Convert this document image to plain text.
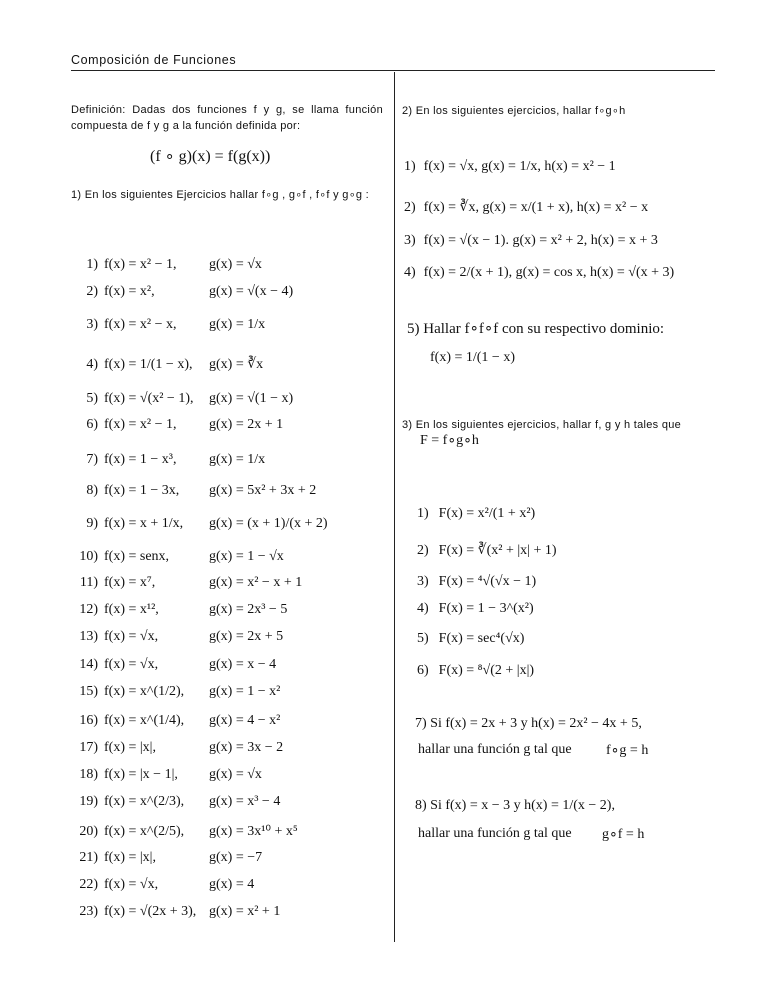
Composición de Funciones
Definición: Dadas dos funciones f y g, se llama función compuesta de f y g a la función definida por:
(f ∘ g)(x) = f(g(x))
1) En los siguientes Ejercicios hallar f∘g , g∘f , f∘f y g∘g :
1) f(x) = x² − 1, g(x) = √x
2) f(x) = x²,	g(x) = √(x − 4)
3) f(x) = x² − x, g(x) = 1/x
4) f(x) = 1/(1 − x), g(x) = ∛x
5) f(x) = √(x² − 1), g(x) = √(1 − x)
6) f(x) = x² − 1, g(x) = 2x + 1
7) f(x) = 1 − x³, g(x) = 1/x
8) f(x) = 1 − 3x, g(x) = 5x² + 3x + 2
9) f(x) = x + 1/x, g(x) = (x + 1)/(x + 2)
10) f(x) = senx,	g(x) = 1 − √x
11) f(x) = x⁷,	g(x) = x² − x + 1
12) f(x) = x¹²,	g(x) = 2x³ − 5
13) f(x) = √x,	g(x) = 2x + 5
14) f(x) = √x,	g(x) = x − 4
15) f(x) = x^(1/2), g(x) = 1 − x²
16) f(x) = x^(1/4), g(x) = 4 − x²
17) f(x) = |x|,	g(x) = 3x − 2
18) f(x) = |x − 1|, g(x) = √x
19) f(x) = x^(2/3), g(x) = x³ − 4
20) f(x) = x^(2/5), g(x) = 3x¹⁰ + x⁵
21) f(x) = |x|,	g(x) = −7
22) f(x) = √x,	g(x) = 4
23) f(x) = √(2x + 3), g(x) = x² + 1
2) En los siguientes ejercicios, hallar f∘g∘h
1) f(x) = √x, g(x) = 1/x, h(x) = x² − 1
2) f(x) = ∛x, g(x) = x/(1 + x), h(x) = x² − x
3) f(x) = √(x − 1). g(x) = x² + 2, h(x) = x + 3
4) f(x) = 2/(x + 1), g(x) = cos x, h(x) = √(x + 3)
5) Hallar f∘f∘f con su respectivo dominio:
f(x) = 1/(1 − x)
3) En los siguientes ejercicios, hallar f, g y h tales que
F = f∘g∘h
1) F(x) = x²/(1 + x²)
2) F(x) = ∛(x² + |x| + 1)
3) F(x) = ⁴√(√x − 1)
4) F(x) = 1 − 3^(x²)
5) F(x) = sec⁴(√x)
6) F(x) = ⁸√(2 + |x|)
7) Si f(x) = 2x + 3 y h(x) = 2x² − 4x + 5,
hallar una función g tal que f∘g = h
8) Si f(x) = x − 3 y h(x) = 1/(x − 2),
hallar una función g tal que g∘f = h
